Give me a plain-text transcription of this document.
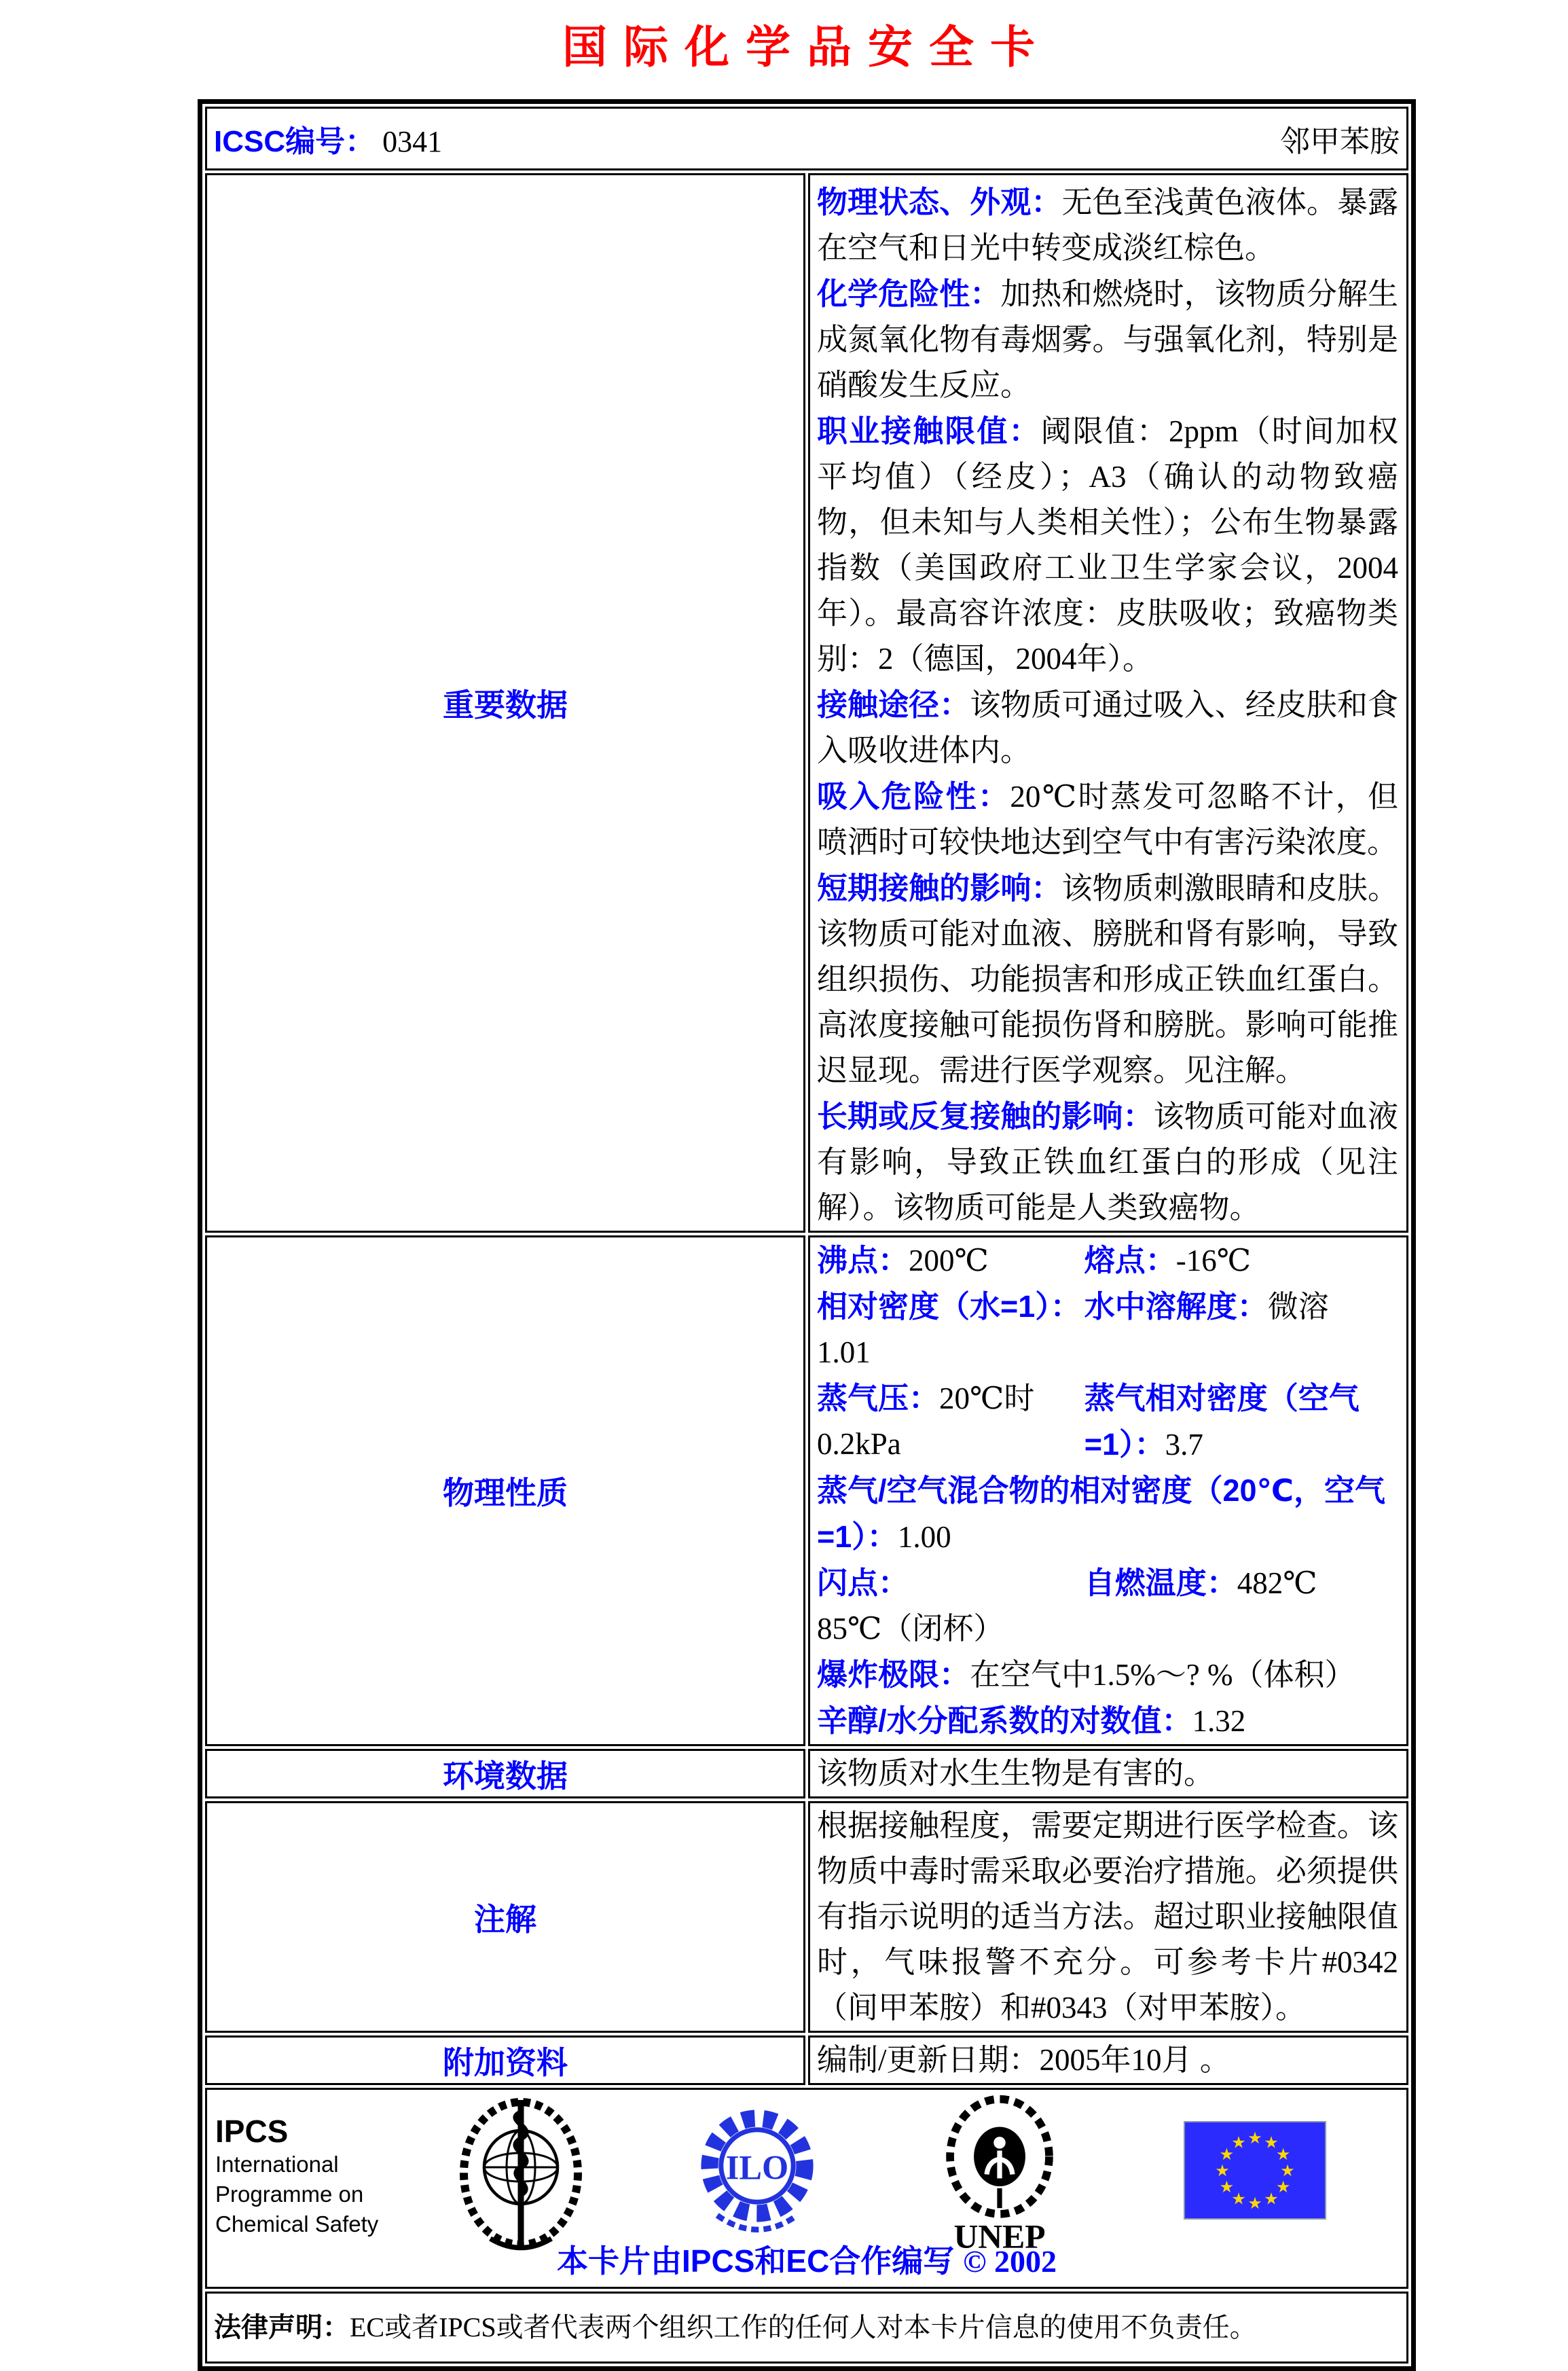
国际化学品安全卡
ICSC编号： 0341 邻甲苯胺	

重要数据	
物理状态、外观：无色至浅黄色液体。暴露在空气和日光中转变成淡红棕色。
化学危险性：加热和燃烧时，该物质分解生成氮氧化物有毒烟雾。与强氧化剂，特别是硝酸发生反应。
职业接触限值：阈限值：2ppm（时间加权平均值）（经皮）；A3（确认的动物致癌物，但未知与人类相关性）；公布生物暴露指数（美国政府工业卫生学家会议，2004年）。最高容许浓度：皮肤吸收；致癌物类别：2（德国，2004年）。
接触途径：该物质可通过吸入、经皮肤和食入吸收进体内。
吸入危险性：20℃时蒸发可忽略不计，但喷洒时可较快地达到空气中有害污染浓度。
短期接触的影响：该物质刺激眼睛和皮肤。该物质可能对血液、膀胱和肾有影响，导致组织损伤、功能损害和形成正铁血红蛋白。高浓度接触可能损伤肾和膀胱。影响可能推迟显现。需进行医学观察。见注解。
长期或反复接触的影响：该物质可能对血液有影响，导致正铁血红蛋白的形成（见注解）。该物质可能是人类致癌物。

物理性质	
沸点：200℃	熔点：-16℃
相对密度（水=1）：1.01
水中溶解度：微溶
蒸气压：20℃时0.2kPa
蒸气相对密度（空气=1）：3.7
蒸气/空气混合物的相对密度（20℃，空气=1）：1.00
闪点：85℃（闭杯）
自燃温度：482℃
爆炸极限：在空气中1.5%～? %（体积）
辛醇/水分配系数的对数值：1.32

环境数据	该物质对水生生物是有害的。

注解	根据接触程度，需要定期进行医学检查。该物质中毒时需采取必要治疗措施。必须提供有指示说明的适当方法。超过职业接触限值时，气味报警不充分。可参考卡片#0342（间甲苯胺）和#0343（对甲苯胺）。

附加资料	编制/更新日期：2005年10月 。

IPCS
International
Programme on
Chemical Safety
ILO
UNEP
★
★
★
★
★
★
★
★
★ ★ ★
★
本卡片由IPCS和EC合作编写 © 2002

法律声明：EC或者IPCS或者代表两个组织工作的任何人对本卡片信息的使用不负责任。	
